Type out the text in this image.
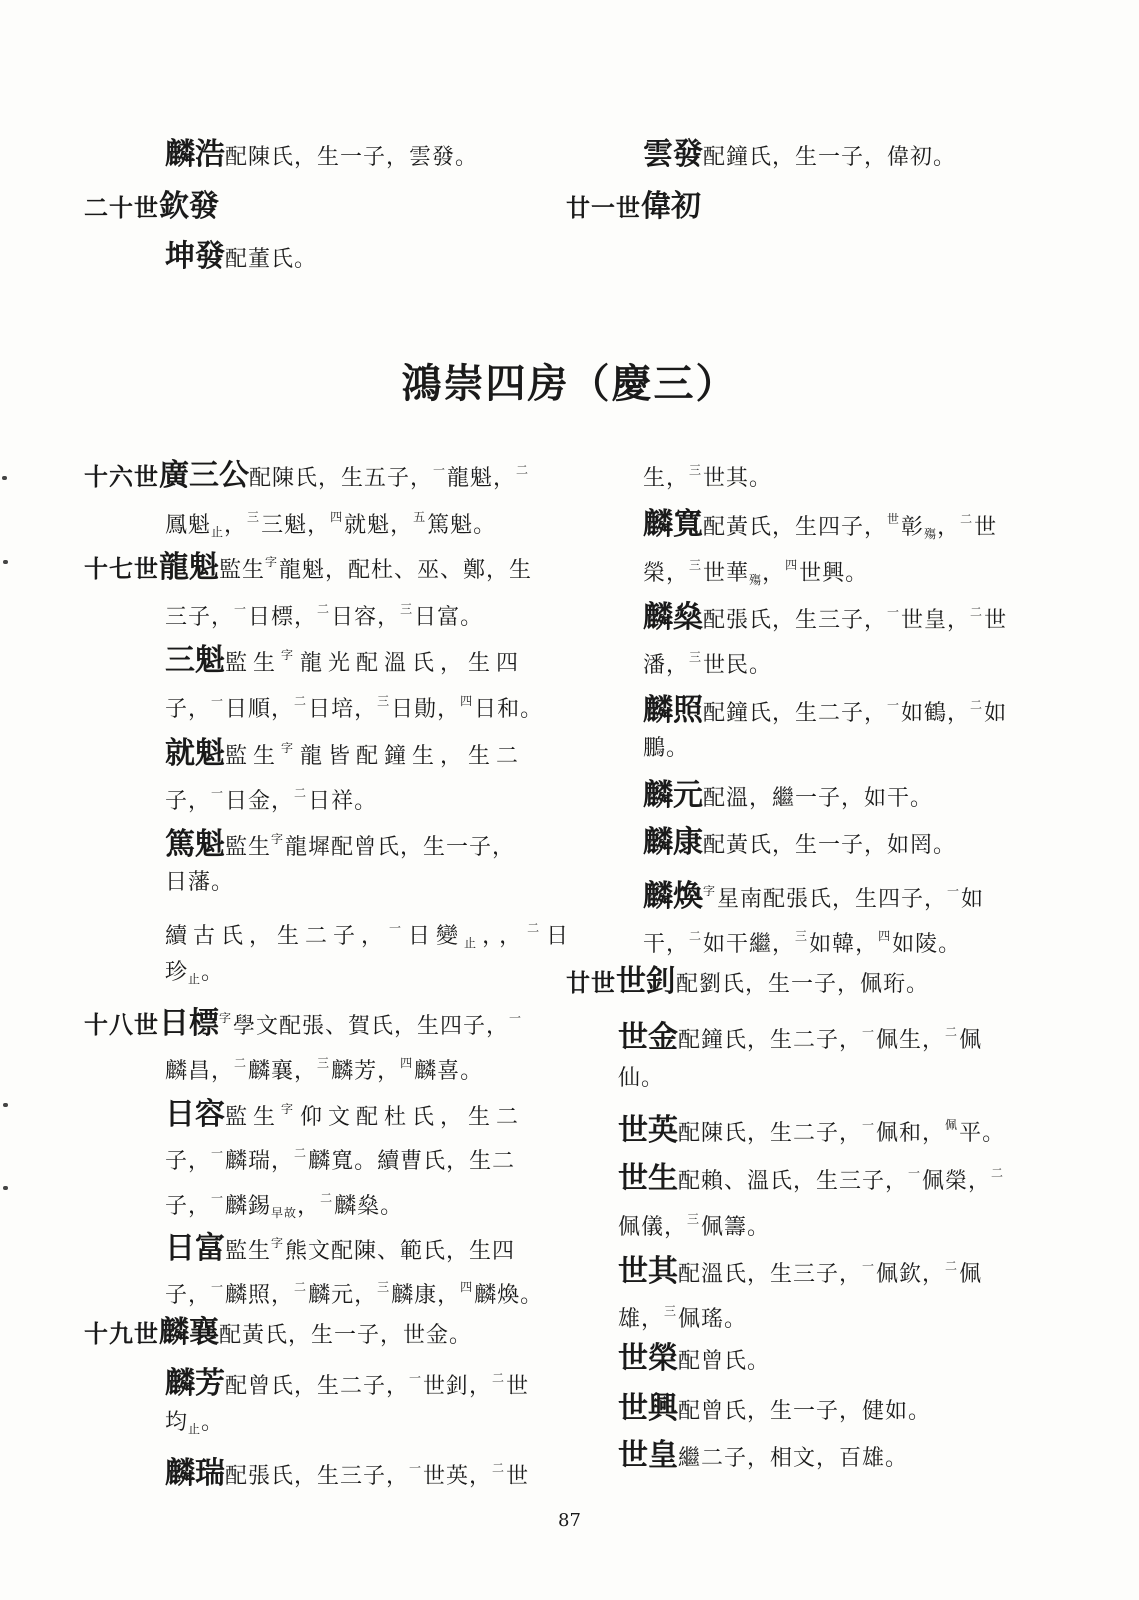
麟浩配陳氏，生一子，雲發。
二十世欽發
坤發配董氏。
雲發配鐘氏，生一子，偉初。
廿一世偉初
鴻崇四房（慶三）
十六世廣三公配陳氏，生五子，$^一$龍魁，$^二$
鳳魁$_止$，$^三$三魁，$^四$就魁，$^五$篤魁。
十七世龍魁監生$^字$龍魁，配杜、巫、鄭，生
三子，$^一$日標，$^二$日容，$^三$日富。
三魁監生$^字$龍光配溫氏，生四
子，$^一$日順，$^二$日培，$^三$日勛，$^四$日和。
就魁監生$^字$龍皆配鐘生，生二
子，$^一$日金，$^二$日祥。
篤魁監生$^字$龍墀配曾氏，生一子，
日藩。
續古氏，生二子，$^一$日變$_止$，，$^二$日
珍$_止$。
十八世日標$^字$學文配張、賀氏，生四子，$^一$
麟昌，$^二$麟襄，$^三$麟芳，$^四$麟喜。
日容監生$^字$仰文配杜氏，生二
子，$^一$麟瑞，$^二$麟寬。續曹氏，生二
子，$^一$麟錫$_{早故}$，$^二$麟燊。
日富監生$^字$熊文配陳、範氏，生四
子，$^一$麟照，$^二$麟元，$^三$麟康，$^四$麟煥。
十九世麟襄配黃氏，生一子，世金。
麟芳配曾氏，生二子，$^一$世釗，$^二$世
均$_止$。
麟瑞配張氏，生三子，$^一$世英，$^二$世
生，$^三$世其。
麟寬配黃氏，生四子，$^世$彰$_殤$，$^二$世
榮，$^三$世華$_殤$，$^四$世興。
麟燊配張氏，生三子，$^一$世皇，$^二$世
潘，$^三$世民。
麟照配鐘氏，生二子，$^一$如鶴，$^二$如
鵬。
麟元配溫，繼一子，如干。
麟康配黃氏，生一子，如罔。
麟煥$^字$星南配張氏，生四子，$^一$如
干，$^二$如干繼，$^三$如韓，$^四$如陵。
廿世世釗配劉氏，生一子，佩珩。
世金配鐘氏，生二子，$^一$佩生，$^二$佩
仙。
世英配陳氏，生二子，$^一$佩和，$^佩$平。
世生配賴、溫氏，生三子，$^一$佩榮，$^二$
佩儀，$^三$佩籌。
世其配溫氏，生三子，$^一$佩欽，$^二$佩
雄，$^三$佩瑤。
世榮配曾氏。
世興配曾氏，生一子，健如。
世皇繼二子，相文，百雄。
87
